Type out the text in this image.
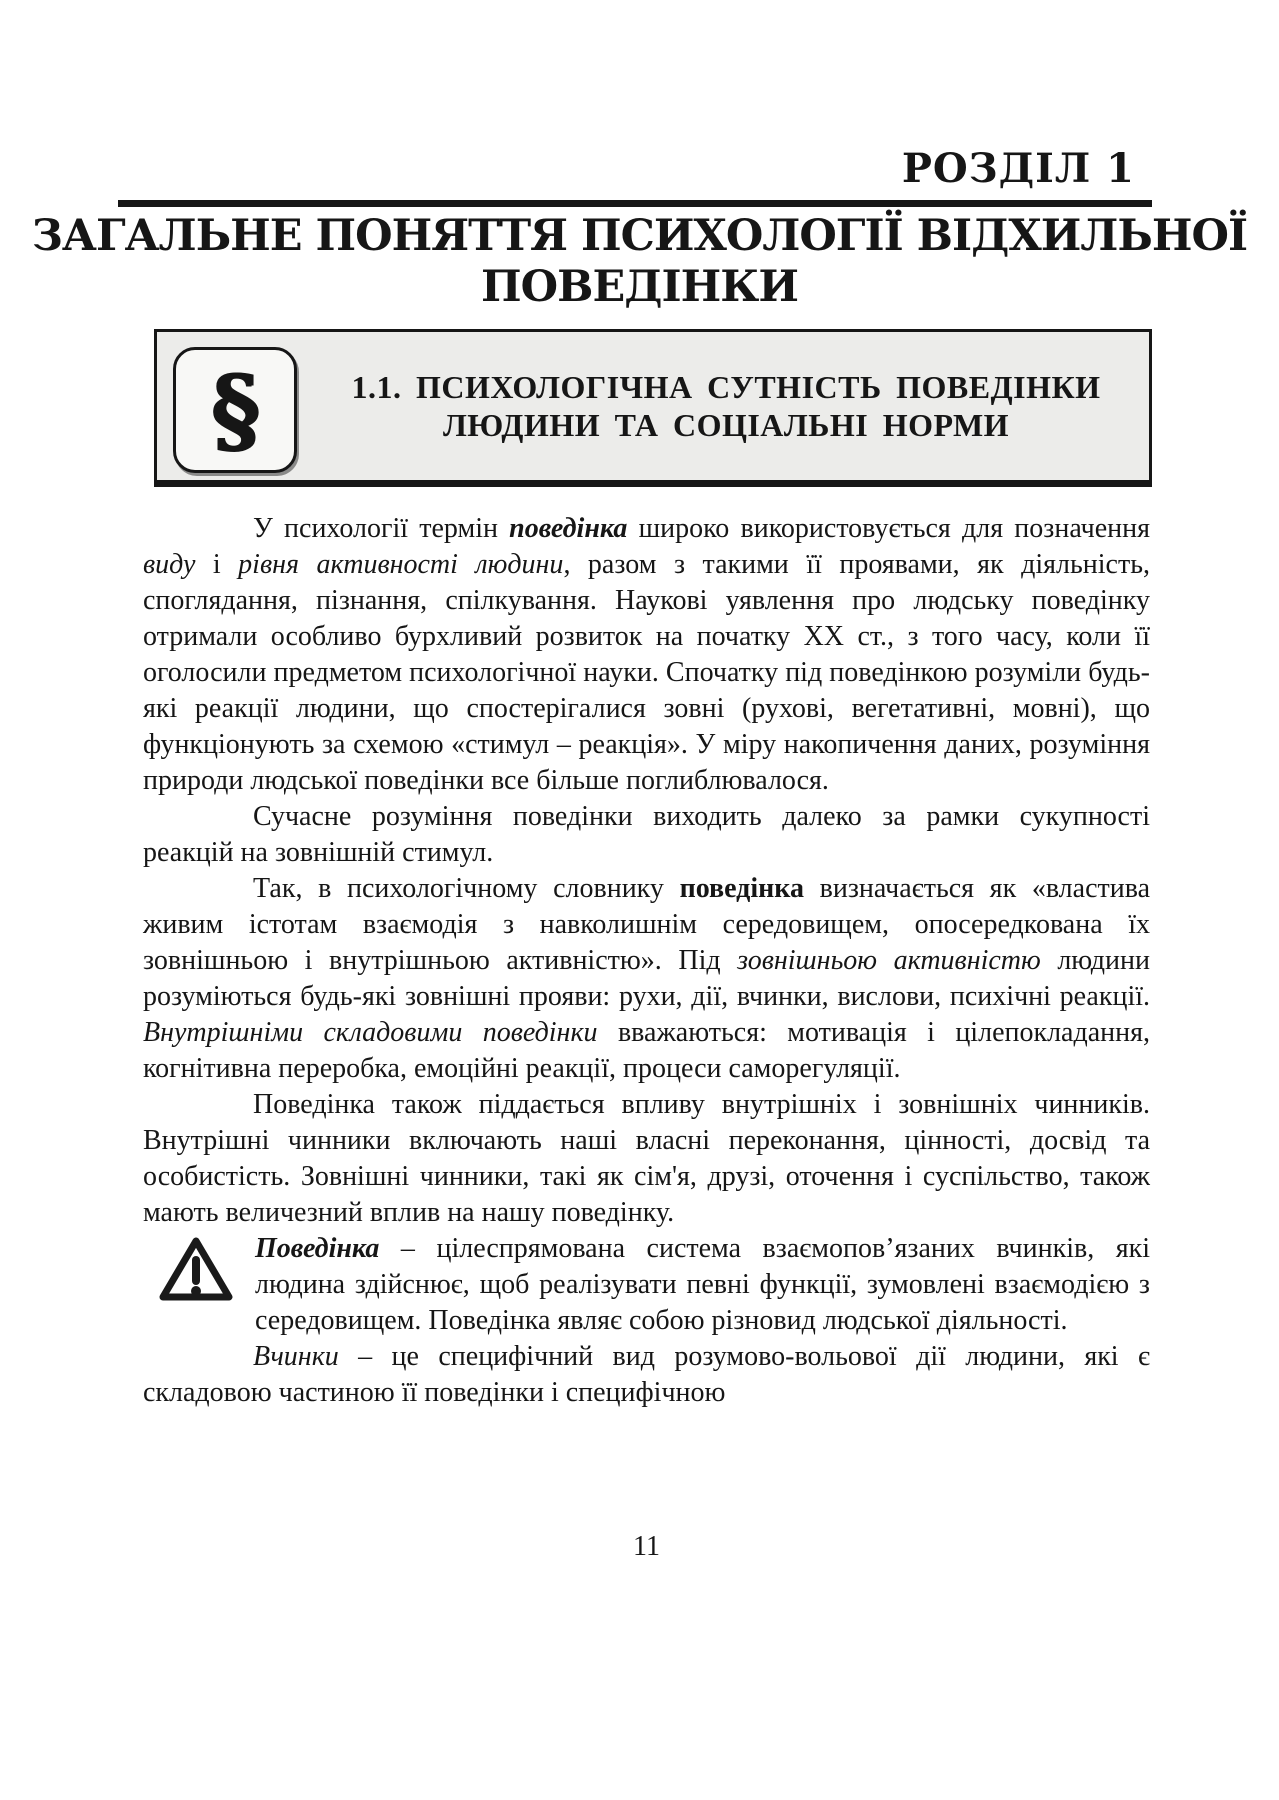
РОЗДІЛ 1
ЗАГАЛЬНЕ ПОНЯТТЯ ПСИХОЛОГІЇ ВІДХИЛЬНОЇ
ПОВЕДІНКИ
§	1.1. ПСИХОЛОГІЧНА СУТНІСТЬ ПОВЕДІНКИ
ЛЮДИНИ ТА СОЦІАЛЬНІ НОРМИ

У психології термін поведінка широко використовується для позначення виду і рівня активності людини, разом з такими її проявами, як діяльність, споглядання, пізнання, спілкування. Наукові уявлення про людську поведінку отримали особливо бурхливий розвиток на початку XX ст., з того часу, коли її оголосили предметом психологічної науки. Спочатку під поведінкою розуміли будь-які реакції людини, що спостерігалися зовні (рухові, вегетативні, мовні), що функціонують за схемою «стимул – реакція». У міру накопичення даних, розуміння природи людської поведінки все більше поглиблювалося.

Сучасне розуміння поведінки виходить далеко за рамки сукупності реакцій на зовнішній стимул.

Так, в психологічному словнику поведінка визначається як «властива живим істотам взаємодія з навколишнім середовищем, опосередкована їх зовнішньою і внутрішньою активністю». Під зовнішньою активністю людини розуміються будь-які зовнішні прояви: рухи, дії, вчинки, вислови, психічні реакції. Внутрішніми складовими поведінки вважаються: мотивація і цілепокладання, когнітивна переробка, емоційні реакції, процеси саморегуляції.

Поведінка також піддається впливу внутрішніх і зовнішніх чинників. Внутрішні чинники включають наші власні переконання, цінності, досвід та особистість. Зовнішні чинники, такі як сім'я, друзі, оточення і суспільство, також мають величезний вплив на нашу поведінку.

Поведінка – цілеспрямована система взаємопов’язаних вчинків, які людина здійснює, щоб реалізувати певні функції, зумовлені взаємодією з середовищем. Поведінка являє собою різновид людської діяльності.

Вчинки – це специфічний вид розумово-вольової дії людини, які є складовою частиною її поведінки і специфічною

11
